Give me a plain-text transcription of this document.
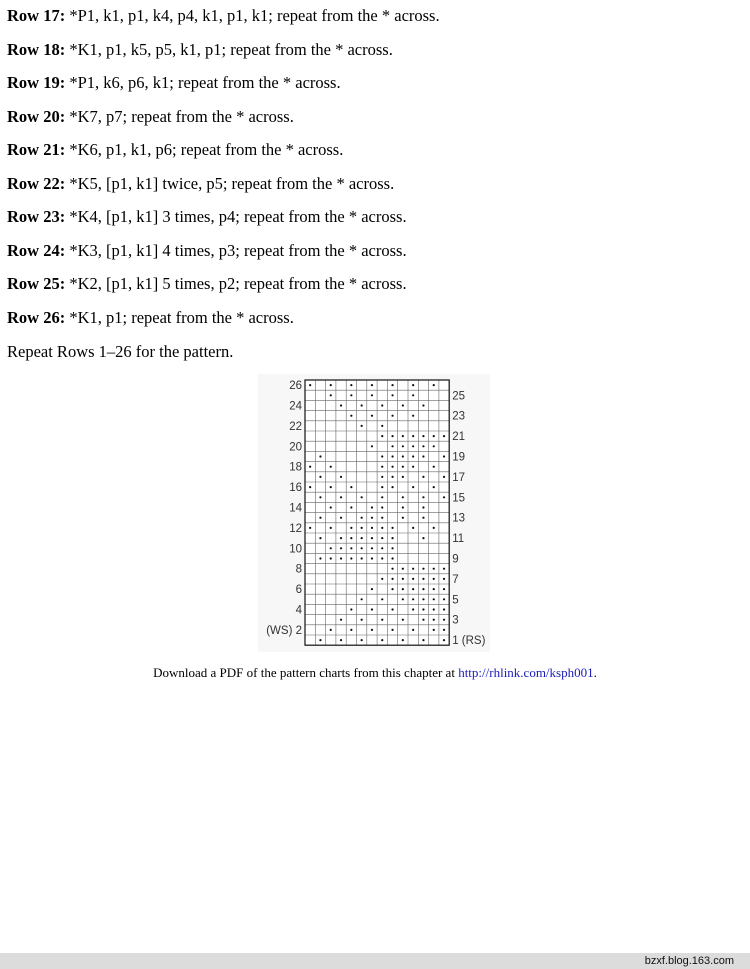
Row 17: *P1, k1, p1, k4, p4, k1, p1, k1; repeat from the * across.
Row 18: *K1, p1, k5, p5, k1, p1; repeat from the * across.
Row 19: *P1, k6, p6, k1; repeat from the * across.
Row 20: *K7, p7; repeat from the * across.
Row 21: *K6, p1, k1, p6; repeat from the * across.
Row 22: *K5, [p1, k1] twice, p5; repeat from the * across.
Row 23: *K4, [p1, k1] 3 times, p4; repeat from the * across.
Row 24: *K3, [p1, k1] 4 times, p3; repeat from the * across.
Row 25: *K2, [p1, k1] 5 times, p2; repeat from the * across.
Row 26: *K1, p1; repeat from the * across.
Repeat Rows 1–26 for the pattern.
26
24
22
20
18
16
14
12
10
8
6
4
(WS) 2
25
23
21
19
17
15
13
11
9
7
5
3
1 (RS)
Download a PDF of the pattern charts from this chapter at http://rhlink.com/ksph001.
bzxf.blog.163.com
